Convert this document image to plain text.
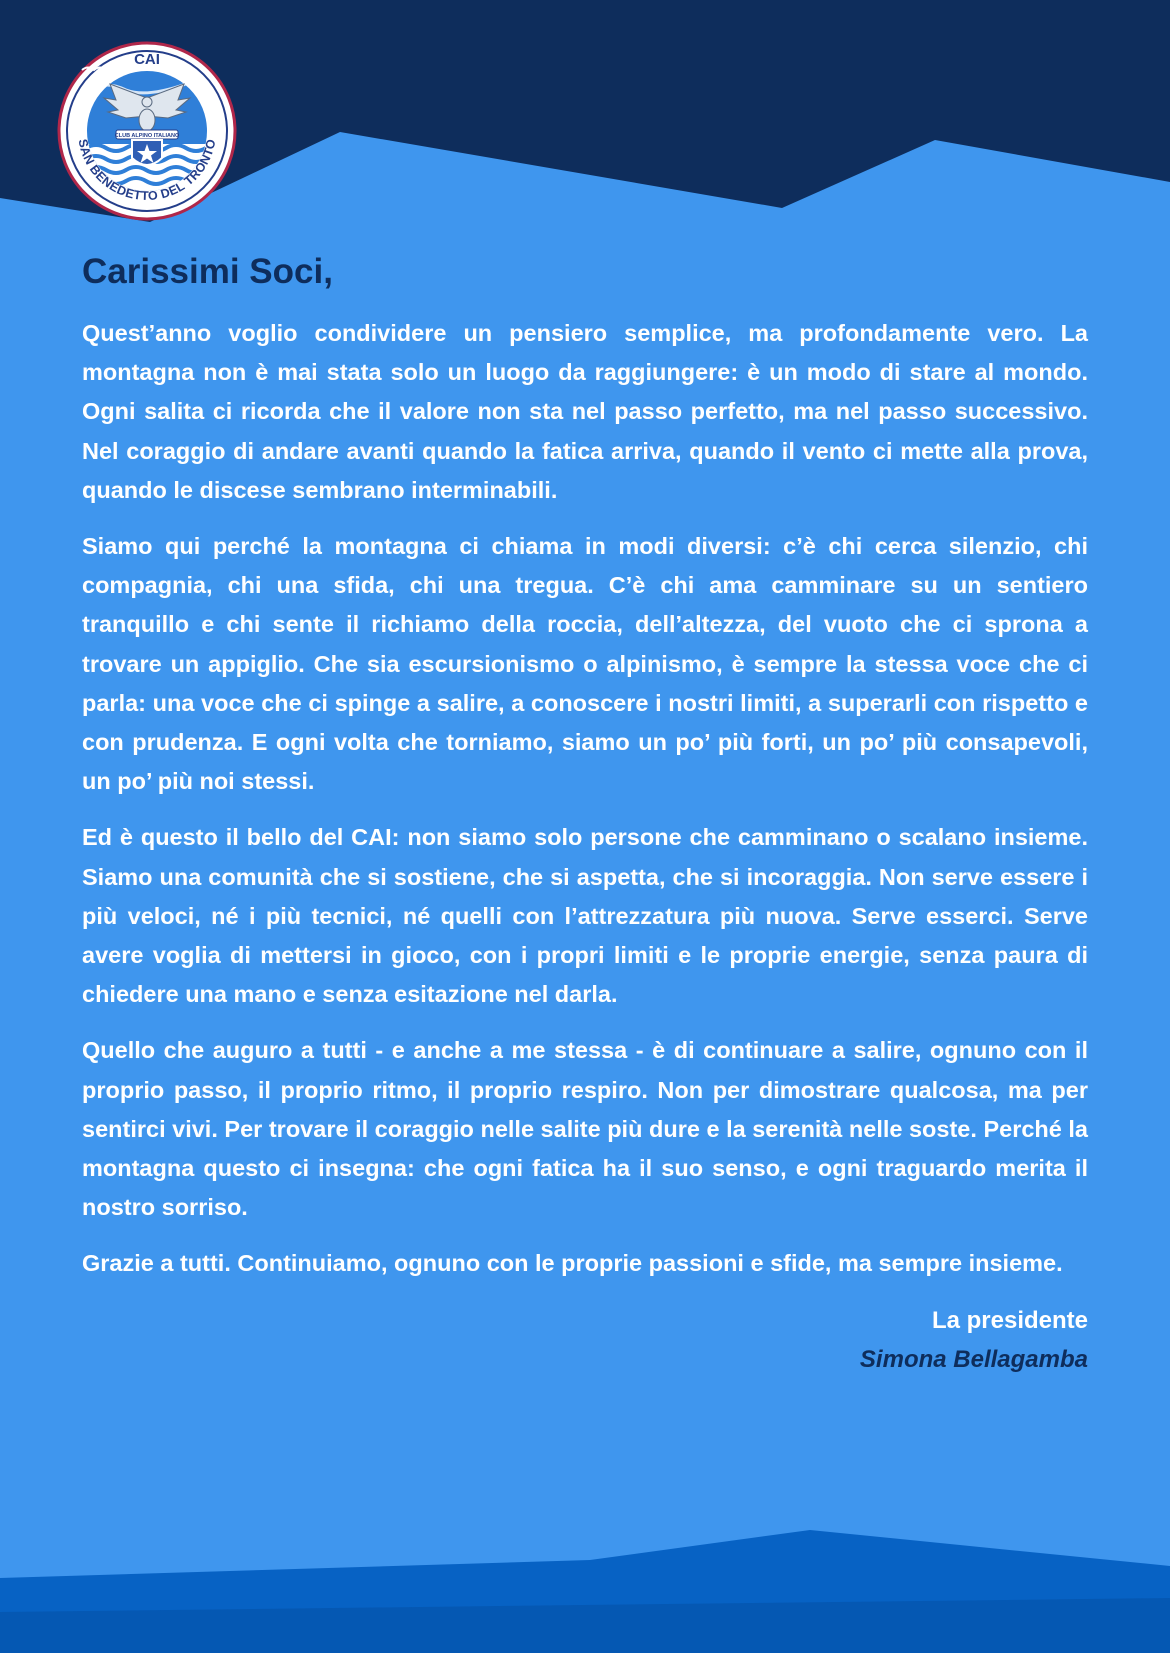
CLUB ALPINO ITALIANO
CAI
SAN BENEDETTO DEL TRONTO
Carissimi Soci,

Quest’anno voglio condividere un pensiero semplice, ma profondamente vero. La montagna non è mai stata solo un luogo da raggiungere: è un modo di stare al mondo. Ogni salita ci ricorda che il valore non sta nel passo perfetto, ma nel passo successivo. Nel coraggio di andare avanti quando la fatica arriva, quando il vento ci mette alla prova, quando le discese sembrano interminabili.

Siamo qui perché la montagna ci chiama in modi diversi: c’è chi cerca silenzio, chi compagnia, chi una sfida, chi una tregua. C’è chi ama camminare su un sentiero tranquillo e chi sente il richiamo della roccia, dell’altezza, del vuoto che ci sprona a trovare un appiglio. Che sia escursionismo o alpinismo, è sempre la stessa voce che ci parla: una voce che ci spinge a salire, a conoscere i nostri limiti, a superarli con rispetto e con prudenza. E ogni volta che torniamo, siamo un po’ più forti, un po’ più consapevoli, un po’ più noi stessi.

Ed è questo il bello del CAI: non siamo solo persone che camminano o scalano insieme. Siamo una comunità che si sostiene, che si aspetta, che si incoraggia. Non serve essere i più veloci, né i più tecnici, né quelli con l’attrezzatura più nuova. Serve esserci. Serve avere voglia di mettersi in gioco, con i propri limiti e le proprie energie, senza paura di chiedere una mano e senza esitazione nel darla.

Quello che auguro a tutti - e anche a me stessa - è di continuare a salire, ognuno con il proprio passo, il proprio ritmo, il proprio respiro. Non per dimostrare qualcosa, ma per sentirci vivi. Per trovare il coraggio nelle salite più dure e la serenità nelle soste. Perché la montagna questo ci insegna: che ogni fatica ha il suo senso, e ogni traguardo merita il nostro sorriso.

Grazie a tutti. Continuiamo, ognuno con le proprie passioni e sfide, ma sempre insieme.

La presidente
Simona Bellagamba
